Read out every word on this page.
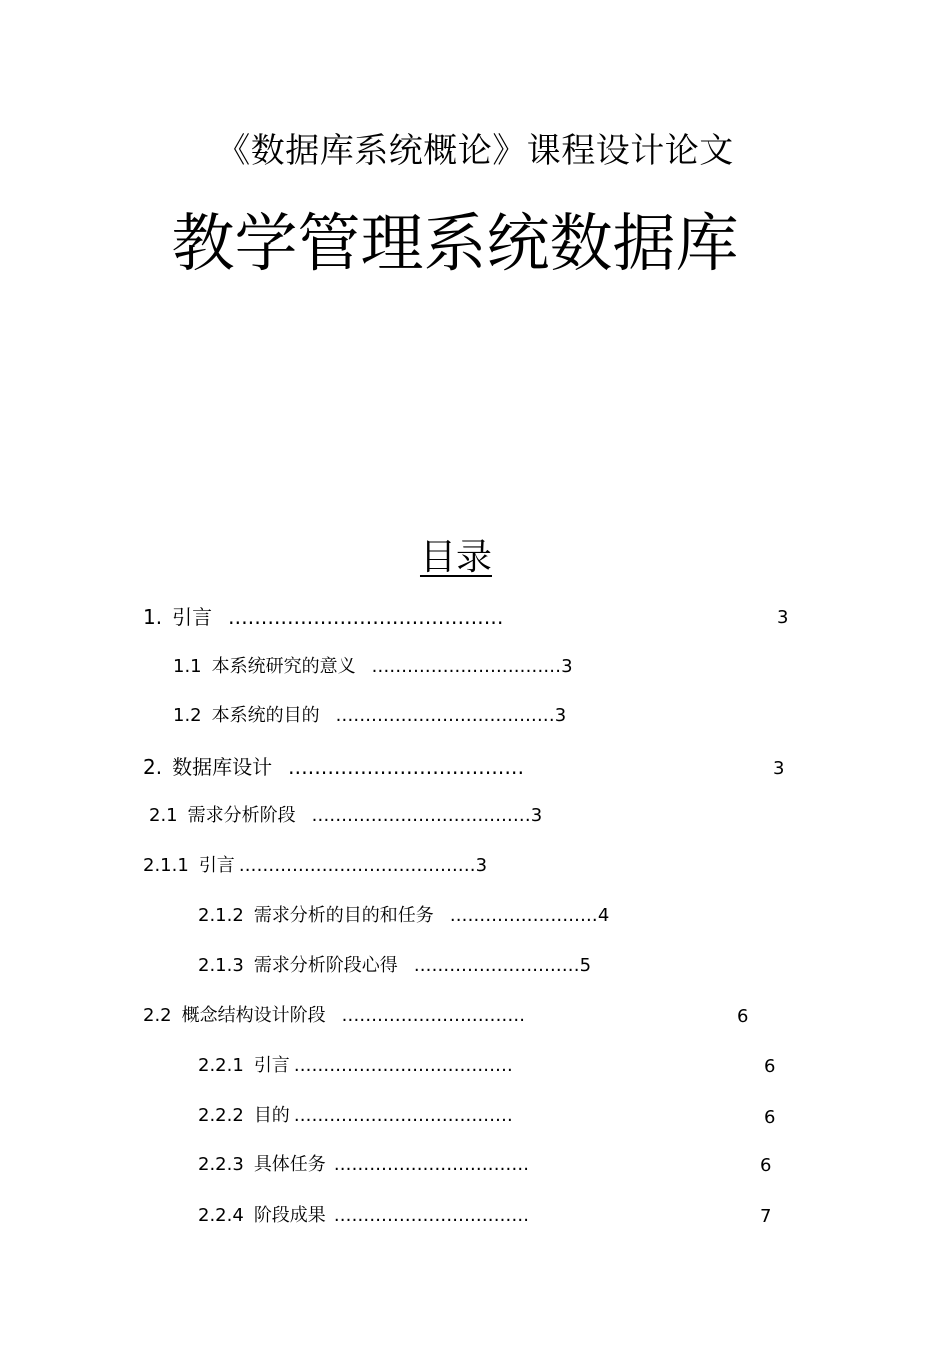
《数据库系统概论》课程设计论文
教学管理系统数据库
目录
1. 引言 ..........................................	3
1.1 本系统研究的意义 ................................3
1.2 本系统的目的 .....................................3
2. 数据库设计 ....................................	3
2.1 需求分析阶段 .....................................3
2.1.1 引言 ........................................3
2.1.2 需求分析的目的和任务 .........................4
2.1.3 需求分析阶段心得 ............................5
2.2 概念结构设计阶段 ...............................	6
2.2.1 引言 .....................................	6
2.2.2 目的 .....................................	6
2.2.3 具体任务 .................................	6
2.2.4 阶段成果 .................................	7
